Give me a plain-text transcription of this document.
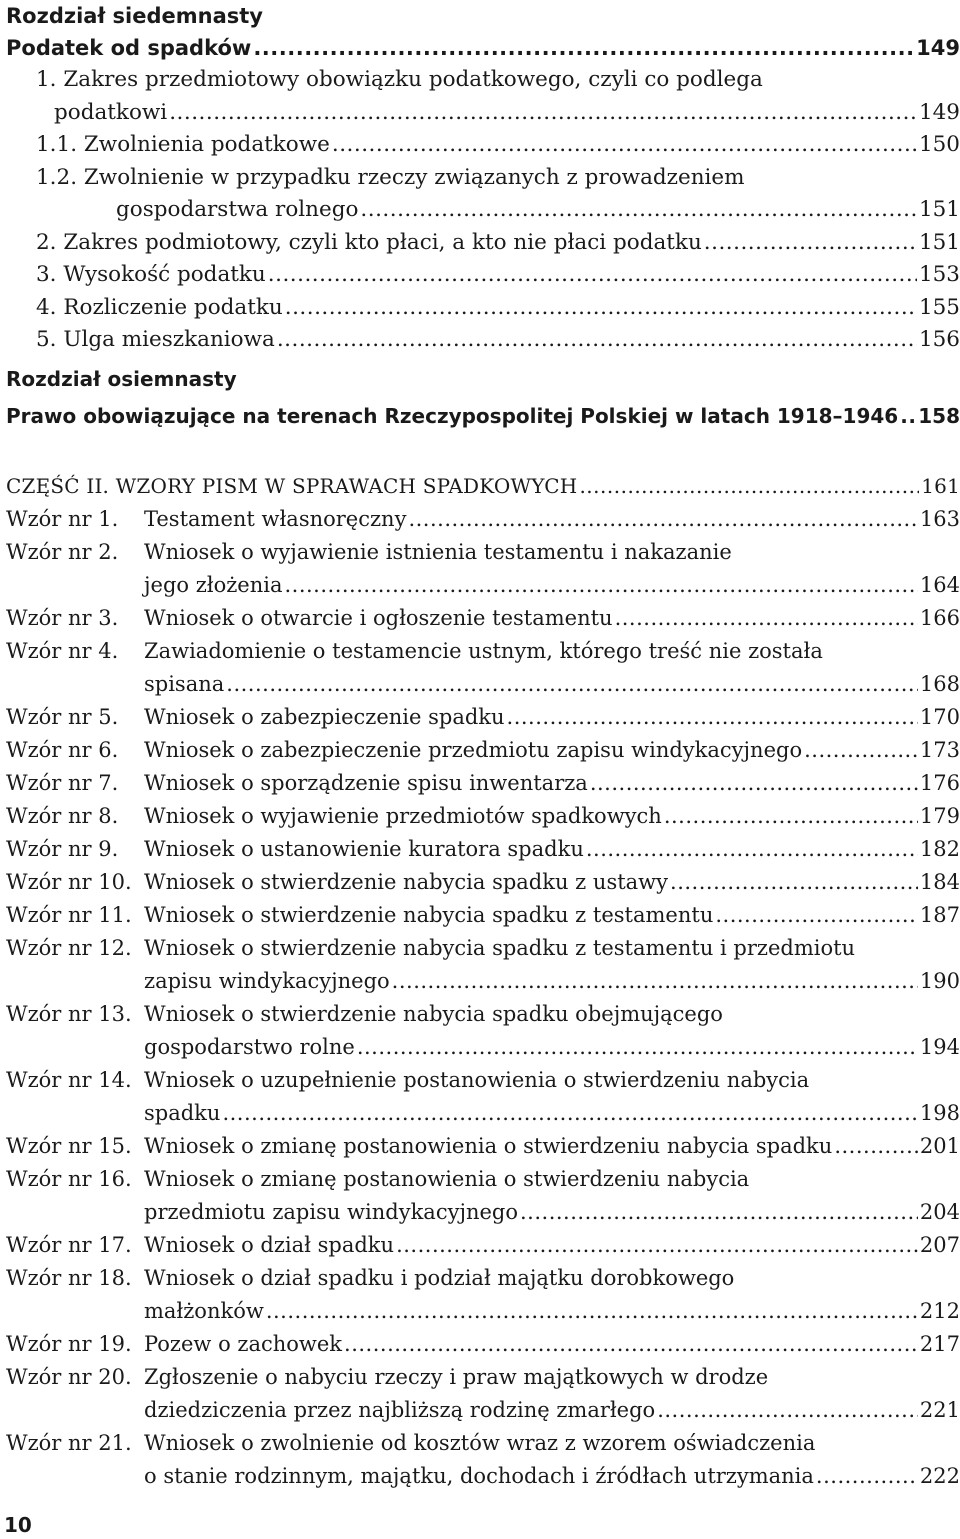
Rozdział siedemnasty
Podatek od spadków .....	149
1. Zakres przedmiotowy obowiązku podatkowego, czyli co podlega
podatkowi .....	149
1.1. Zwolnienia podatkowe .....	150
1.2. Zwolnienie w przypadku rzeczy związanych z prowadzeniem
gospodarstwa rolnego .....	151
2. Zakres podmiotowy, czyli kto płaci, a kto nie płaci podatku .....	151
3. Wysokość podatku .....	153
4. Rozliczenie podatku .....	155
5. Ulga mieszkaniowa .....	156
Rozdział osiemnasty
Prawo obowiązujące na terenach Rzeczypospolitej Polskiej w latach 1918–1946 ..... 158
CZĘŚĆ II. WZORY PISM W SPRAWACH SPADKOWYCH .....	161
Wzór nr 1.	Testament własnoręczny .....	163
Wzór nr 2.	Wniosek o wyjawienie istnienia testamentu i nakazanie
jego złożenia .....	164
Wzór nr 3.	Wniosek o otwarcie i ogłoszenie testamentu .....	166
Wzór nr 4.	Zawiadomienie o testamencie ustnym, którego treść nie została
spisana .....	168
Wzór nr 5.	Wniosek o zabezpieczenie spadku .....	170
Wzór nr 6.	Wniosek o zabezpieczenie przedmiotu zapisu windykacyjnego .....	173
Wzór nr 7.	Wniosek o sporządzenie spisu inwentarza .....	176
Wzór nr 8.	Wniosek o wyjawienie przedmiotów spadkowych .....	179
Wzór nr 9.	Wniosek o ustanowienie kuratora spadku .....	182
Wzór nr 10. Wniosek o stwierdzenie nabycia spadku z ustawy .....	184
Wzór nr 11. Wniosek o stwierdzenie nabycia spadku z testamentu .....	187
Wzór nr 12. Wniosek o stwierdzenie nabycia spadku z testamentu i przedmiotu
zapisu windykacyjnego .....	190
Wzór nr 13. Wniosek o stwierdzenie nabycia spadku obejmującego
gospodarstwo rolne .....	194
Wzór nr 14. Wniosek o uzupełnienie postanowienia o stwierdzeniu nabycia
spadku .....	198
Wzór nr 15. Wniosek o zmianę postanowienia o stwierdzeniu nabycia spadku .....	201
Wzór nr 16. Wniosek o zmianę postanowienia o stwierdzeniu nabycia
przedmiotu zapisu windykacyjnego .....	204
Wzór nr 17. Wniosek o dział spadku .....	207
Wzór nr 18. Wniosek o dział spadku i podział majątku dorobkowego
małżonków .....	212
Wzór nr 19. Pozew o zachowek .....	217
Wzór nr 20. Zgłoszenie o nabyciu rzeczy i praw majątkowych w drodze
dziedziczenia przez najbliższą rodzinę zmarłego .....	221
Wzór nr 21. Wniosek o zwolnienie od kosztów wraz z wzorem oświadczenia
o stanie rodzinnym, majątku, dochodach i źródłach utrzymania .....	222
10
